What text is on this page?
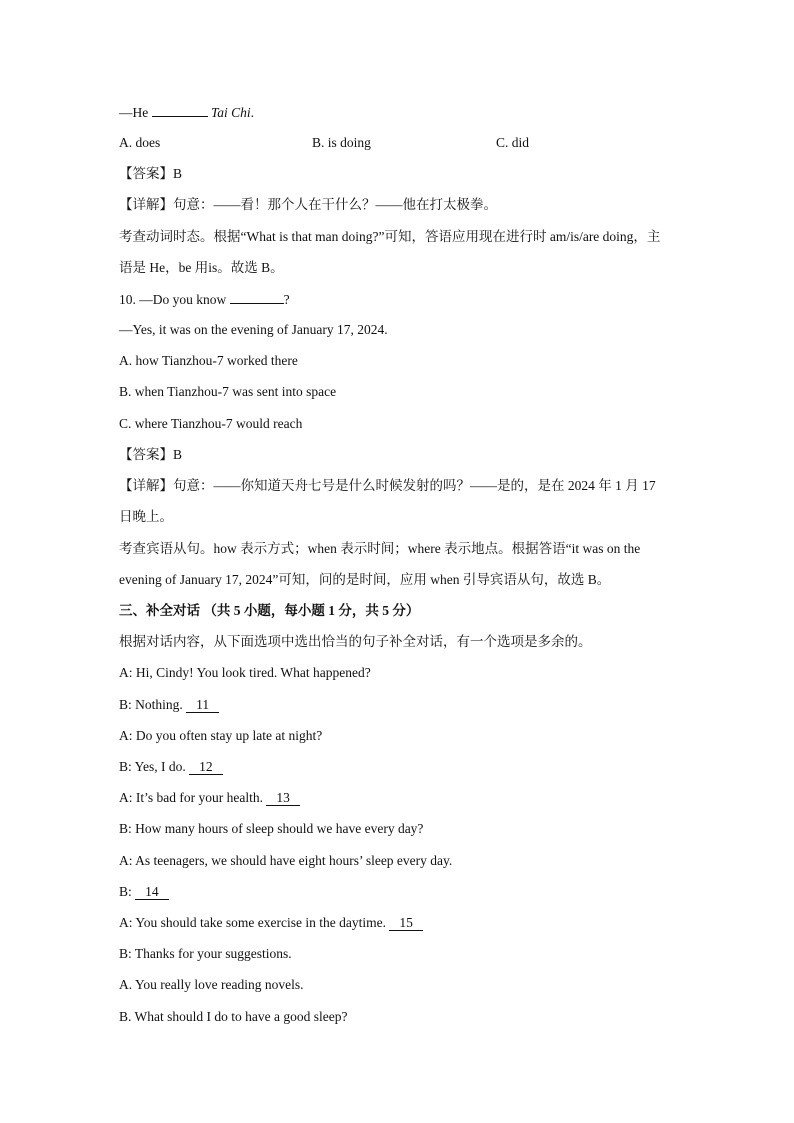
—He	Tai Chi.
A. does	B. is doing	C. did
【答案】B
【详解】句意：——看！那个人在干什么？——他在打太极拳。
考查动词时态。根据“What is that man doing?”可知，答语应用现在进行时 am/is/are doing，主
语是 He，be 用is。故选 B。
10. —Do you know	?
—Yes, it was on the evening of January 17, 2024.
A. how Tianzhou-7 worked there
B. when Tianzhou-7 was sent into space
C. where Tianzhou-7 would reach
【答案】B
【详解】句意：——你知道天舟七号是什么时候发射的吗？——是的，是在 2024 年 1 月 17
日晚上。
考查宾语从句。how 表示方式；when 表示时间；where 表示地点。根据答语“it was on the
evening of January 17, 2024”可知，问的是时间，应用 when 引导宾语从句，故选 B。
三、补全对话 （共 5 小题，每小题 1 分，共 5 分）
根据对话内容，从下面选项中选出恰当的句子补全对话，有一个选项是多余的。
A: Hi, Cindy! You look tired. What happened?
B: Nothing. 11
A: Do you often stay up late at night?
B: Yes, I do. 12
A: It’s bad for your health. 13
B: How many hours of sleep should we have every day?
A: As teenagers, we should have eight hours’ sleep every day.
B: 14
A: You should take some exercise in the daytime. 15
B: Thanks for your suggestions.
A. You really love reading novels.
B. What should I do to have a good sleep?
